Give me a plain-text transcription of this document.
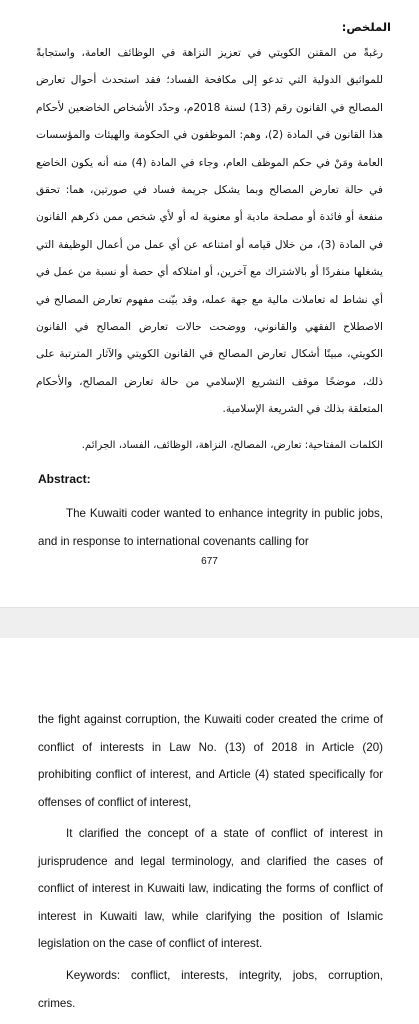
الملخص:
رغبةً من المقنن الكويتي في تعزيز النزاهة في الوظائف العامة، واستجابةً للمواثيق الدولية التي تدعو إلى مكافحة الفساد؛ فقد استحدث أحوال تعارض المصالح في القانون رقم (13) لسنة 2018م، وحدّد الأشخاص الخاضعين لأحكام هذا القانون في المادة (2)، وهم: الموظفون في الحكومة والهيئات والمؤسسات العامة ومَنْ في حكم الموظف العام، وجاء في المادة (4) منه أنه يكون الخاضع في حالة تعارض المصالح وبما يشكل جريمة فساد في صورتين، هما: تحقق منفعة أو فائدة أو مصلحة مادية أو معنوية له أو لأي شخص ممن ذكرهم القانون في المادة (3)، من خلال قيامه أو امتناعه عن أي عمل من أعمال الوظيفة التي يشغلها منفردًا أو بالاشتراك مع آخرين، أو امتلاكه أي حصة أو نسبة من عمل في أي نشاط له تعاملات مالية مع جهة عمله، وقد بيّنت مفهوم تعارض المصالح في الاصطلاح الفقهي والقانوني، ووضحت حالات تعارض المصالح في القانون الكويتي، مبينًا أشكال تعارض المصالح في القانون الكويتي والآثار المترتبة على ذلك، موضحًا موقف التشريع الإسلامي من حالة تعارض المصالح، والأحكام المتعلقة بذلك في الشريعة الإسلامية.
الكلمات المفتاحية: تعارض، المصالح، النزاهة، الوظائف، الفساد، الجرائم.
Abstract:

The Kuwaiti coder wanted to enhance integrity in public jobs, and in response to international covenants calling for

677

the fight against corruption, the Kuwaiti coder created the crime of conflict of interests in Law No. (13) of 2018 in Article (20) prohibiting conflict of interest, and Article (4) stated specifically for offenses of conflict of interest,

It clarified the concept of a state of conflict of interest in jurisprudence and legal terminology, and clarified the cases of conflict of interest in Kuwaiti law, indicating the forms of conflict of interest in Kuwaiti law, while clarifying the position of Islamic legislation on the case of conflict of interest.

Keywords: conflict, interests, integrity, jobs, corruption, crimes.
